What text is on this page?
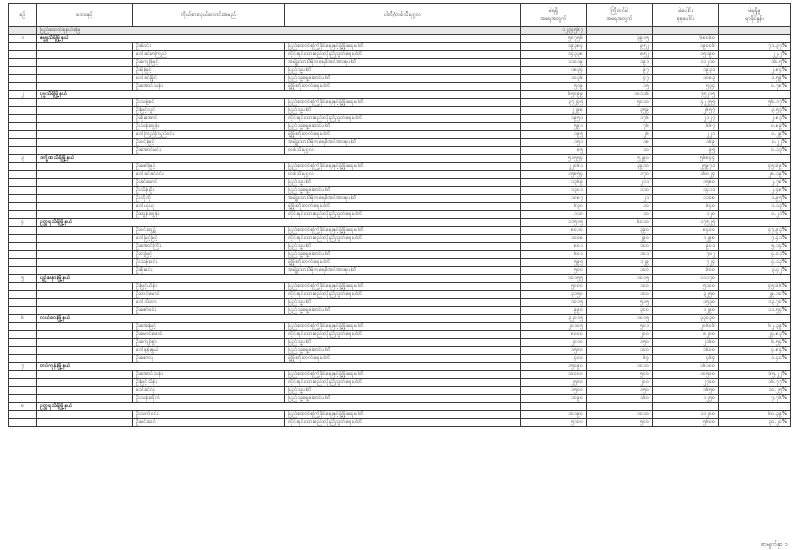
စဉ်	ဒေသနှင့်	ကိုယ်စားလှယ်လောင်းအမည်	ပါတီ/တစ်သီးပုဂ္ဂလ	မဲရရှိ
အရေအတွက်	ကြိုတင်မဲ
အရေအတွက်	မဲပေါင်း
စုစုပေါင်း	မဲရရှိမှု
ရာခိုင်နှုန်း
	ပြည်ထောင်စုနယ်မြေ			၁၂၃၄၅၆၇			
၁	ဇမ္ဗူသီရိမြို့နယ်			၅၀၇၅၆	၃၉၁၅	၆၈၀၆၀	
		ဦးစံဝင်း	ပြည်ထောင်စုကြံ့ခိုင်ရေးနှင့်ဖွံ့ဖြိုးရေးပါတီ	၁၉၃၈၄	၉၅၂	၁၉၀၀၆	၇၁.၃၇%
		ဒေါ်ခင်မာကြည်	တိုင်းရင်းသားစည်းလုံးညီညွတ်ရေးပါတီ	၁၄၃၃၈	၈၅၂	၁၅၁၉၀	၂၂.၂%
		ဦးကျော်မြင့်	အမျိုးသားဒီမိုကရေစီအင်အားစုပါတီ	၁၁၀၁၉	၁၉၁	၁၁၂၁၀	၁၆.၅%
		ဦးမိုးမြင့်	ပြည်သူ့ပါတီ	၁၈၃၄	၉၇	၁၉၃၁	၂.၈၄%
		ဒေါ်ခင်မြိုင်	ပြည်သူ့ရှေ့ဆောင်ပါတီ	၁၀၃၆	၄၇	၁၀၈၃	၁.၅၉%
		ဦးအောင်သန်း	ဖွံ့ဖြိုးတိုးတက်ရေးပါတီ	၅၁၉	၁၅	၅၃၄	၀.၇၈%
၂	ပုဗ္ဗသီရိမြို့နယ်			၆၅၀၉၉	၁၀၁၁၆	၇၅၂၁၅	
		ဦးသန့်ဇင်	ပြည်ထောင်စုကြံ့ခိုင်ရေးနှင့်ဖွံ့ဖြိုးရေးပါတီ	၃၇၂၄၅	၅၀၁၀	၄၂၂၅၅	၅၆.၁၇%
		ဦးမြင့်လွင်	ပြည်သူ့ပါတီ	၂၂၉၈	၃၅၉	၂၆၅၇	၃.၅၃%
		ဦးစိုးအောင်	တိုင်းရင်းသားစည်းလုံးညီညွတ်ရေးပါတီ	၁၉၅၁	၁၇၆	၂၁၂၇	၂.၈၃%
		ဦးသန်းထွန်း	ပြည်သူ့ရှေ့ဆောင်ပါတီ	၅၉၁	၇၆	၆၆၇	၀.၈၉%
		ဒေါ်ကြည်ကြည်ဝင်း	ဖွံ့ဖြိုးတိုးတက်ရေးပါတီ	၁၉၅	၂၆	၂၂၁	၀.၂၉%
		ဦးဝင်းမြင့်	အမျိုးသားဒီမိုကရေစီအင်အားစုပါတီ	၁၅၁	၁၈	၁၆၉	၀.၂၂%
		ဦးအောင်မင်း	တစ်သီးပုဂ္ဂလ	၈၅	၁၀	၉၅	၀.၁၃%
၃	ဒက္ခိဏသီရိမြို့နယ်			၅၁၅၅၄	၅၂၉၀	၅၆၈၄၄	
		ဦးဇော်မြင့်	ပြည်ထောင်စုကြံ့ခိုင်ရေးနှင့်ဖွံ့ဖြိုးရေးပါတီ	၂၂၀၆၁	၃၉၁၀	၂၅၉၇၁	၄၅.၆၉%
		ဒေါ်ခင်ခင်ဝင်း	တစ်သီးပုဂ္ဂလ	၁၅၈၅၄	၁၇၀	၁၆၀၂၄	၂၈.၁၉%
		ဦးခင်မောင်	ပြည်သူ့ပါတီ	၁၃၆၉	၂၁၁	၁၅၈၀	၂.၇၈%
		ဦးသိန်းဦး	ပြည်သူ့ရှေ့ဆောင်ပါတီ	၁၃၀၁	၁၁၀	၁၄၁၁	၂.၄၈%
		ဦးဘိုဘို	အမျိုးသားဒီမိုကရေစီအင်အားစုပါတီ	၁၀၈၇	၂၁	၁၁၀၈	၁.၉၅%
		ဒေါ်ယုယု	ဖွံ့ဖြိုးတိုးတက်ရေးပါတီ	၆၃၀	၁၀	၆၄၀	၁.၁၃%
		ဦးထွန်းထွန်း	တိုင်းရင်းသားစည်းလုံးညီညွတ်ရေးပါတီ	၁၁၀	၁၀	၁၂၀	၀.၂၁%
၄	ဥတ္တရသီရိမြို့နယ်			၁၁၅၁၅	၆၀၁၀	၁၇၅၂၅	
		ဦးဝင်းထွဋ်	ပြည်ထောင်စုကြံ့ခိုင်ရေးနှင့်ဖွံ့ဖြိုးရေးပါတီ	၈၀၁၀	၃၉၀	၈၄၀၀	၄၇.၉၃%
		ဒေါ်မြင့်မြင့်	တိုင်းရင်းသားစည်းလုံးညီညွတ်ရေးပါတီ	၁၀၀၈	၂၉၀	၁၂၉၈	၇.၄၁%
		ဦးအောင်ကြီး	ပြည်သူ့ပါတီ	၈၀၁	၁၀၀	၉၀၁	၅.၁၄%
		ဦးလှမြင့်	ပြည်သူ့ရှေ့ဆောင်ပါတီ	၆၀၁	၁၀၁	၇၀၂	၄.၀၁%
		ဦးသန်းဝင်း	ဖွံ့ဖြိုးတိုးတက်ရေးပါတီ	၅၉၅	၁၂၉	၇၂၄	၄.၁၃%
		ဦးစိုးမင်း	အမျိုးသားဒီမိုကရေစီအင်အားစုပါတီ	၅၀၀	၁၀၀	၆၀၀	၃.၄၂%
၅	ပျဉ်းမနားမြို့နယ်			၁၀၁၅၅	၁၀၁၅	၁၁၁၇၀	
		ဦးမြင့်ဟိန်း	ပြည်ထောင်စုကြံ့ခိုင်ရေးနှင့်ဖွံ့ဖြိုးရေးပါတီ	၅၀၀၀	၁၀၀	၅၁၀၀	၄၅.၆၆%
		ဦးတင်မောင်	တိုင်းရင်းသားစည်းလုံးညီညွတ်ရေးပါတီ	၃၁၅၀	၁၀၀	၃၂၅၀	၂၉.၁၀%
		ဒေါ်သီတာ	ပြည်သူ့ပါတီ	၁၀၁၅	၅၁၅	၁၅၃၀	၁၃.၇၀%
		ဦးဇော်ဝင်း	ပြည်သူ့ရှေ့ဆောင်ပါတီ	၉၉၀	၃၀၀	၁၂၉၀	၁၁.၅၄%
၆	လယ်ဝေးမြို့နယ်			၃၂၀၁၅	၁၀၁၅	၃၃၀၃၀	
		ဦးအေးမြင့်	ပြည်ထောင်စုကြံ့ခိုင်ရေးနှင့်ဖွံ့ဖြိုးရေးပါတီ	၂၀၁၀၅	၅၀၁	၂၀၆၀၆	၆၂.၃၉%
		ဦးမောင်မောင်	တိုင်းရင်းသားစည်းလုံးညီညွတ်ရေးပါတီ	၈၀၀၀	၂၀၀	၈၂၀၀	၂၄.၈၃%
		ဦးကျော်စွာ	ပြည်သူ့ပါတီ	၂၀၁၀	၁၅၀	၂၁၆၀	၆.၅၄%
		ဒေါ်နန်းနွယ်	ပြည်သူ့ရှေ့ဆောင်ပါတီ	၁၅၀၀	၁၀၀	၁၆၀၀	၄.၈၄%
		ဦးစောလှ	ဖွံ့ဖြိုးတိုးတက်ရေးပါတီ	၄၀၀	၆၄	၄၆၄	၁.၄၀%
၇	တပ်ကုန်းမြို့နယ်			၁၅၀၉၀	၁၀၁၀	၁၆၁၀၀	
		ဦးအောင်သန်း	ပြည်ထောင်စုကြံ့ခိုင်ရေးနှင့်ဖွံ့ဖြိုးရေးပါတီ	၁၀၀၀၀	၅၀၀	၁၀၅၀၀	၆၅.၂၂%
		ဦးမြင့်သိန်း	တိုင်းရင်းသားစည်းလုံးညီညွတ်ရေးပါတီ	၂၅၀၀	၂၀၀	၂၇၀၀	၁၆.၇၇%
		ဒေါ်ခင်လှ	ပြည်သူ့ပါတီ	၁၅၀၀	၁၅၀	၁၆၅၀	၁၀.၂၅%
		ဦးသန်းထိုက်	ပြည်သူ့ရှေ့ဆောင်ပါတီ	၁၀၉၀	၁၆၀	၁၂၅၀	၇.၇၆%
၈	ဥတ္တရသီရိမြို့နယ်						
		ဦးသက်ဝင်း	ပြည်ထောင်စုကြံ့ခိုင်ရေးနှင့်ဖွံ့ဖြိုးရေးပါတီ	၁၀၁၉၀	၁၀၁၀	၁၁၂၀၀	၆၀.၃၉%
		ဦးမင်းထင်	တိုင်းရင်းသားစည်းလုံးညီညွတ်ရေးပါတီ	၅၁၀၀	၅၀၀	၅၆၀၀	၃၀.၂၀%
စာမျက်နှာ ၁
